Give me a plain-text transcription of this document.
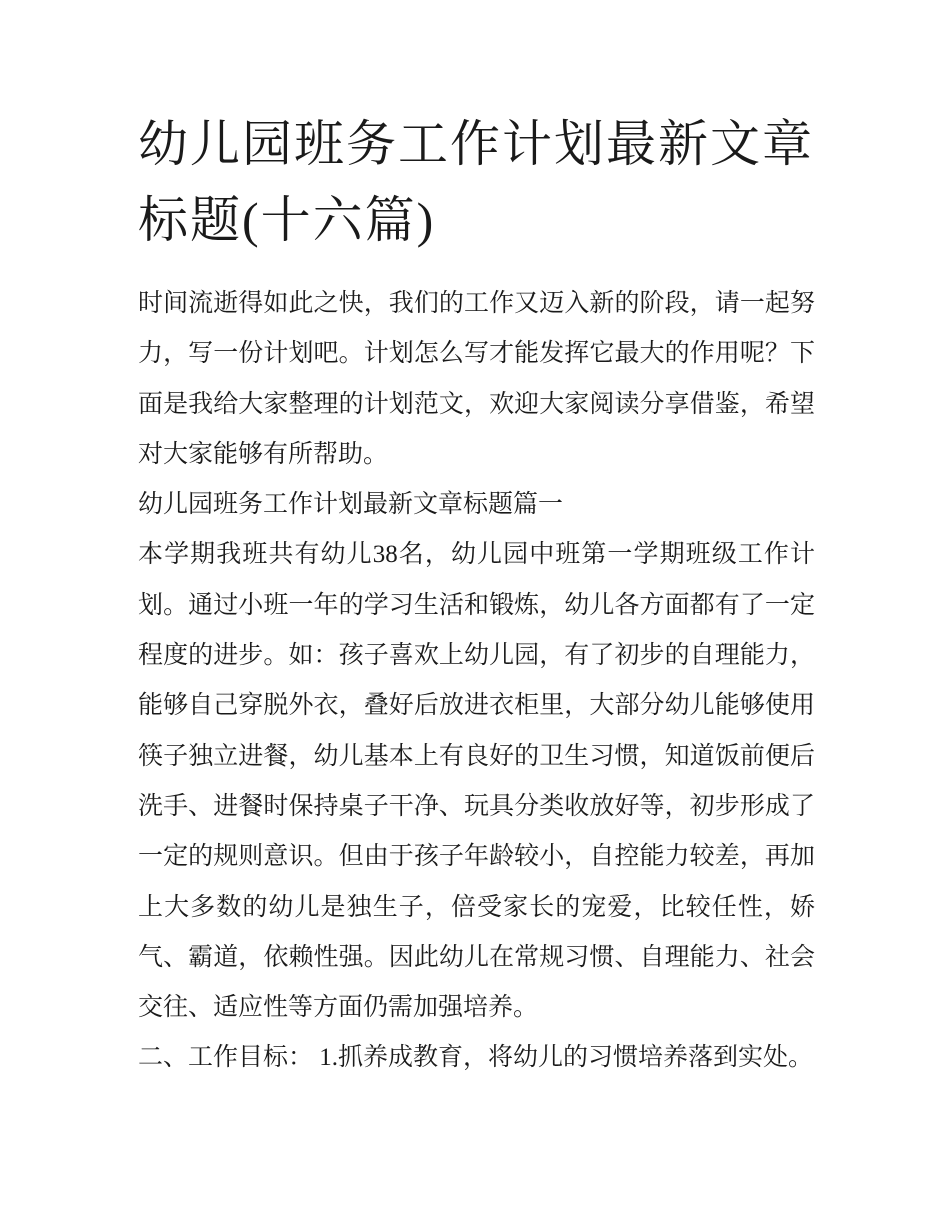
幼儿园班务工作计划最新文章标题(十六篇)

时间流逝得如此之快，我们的工作又迈入新的阶段，请一起努力，写一份计划吧。计划怎么写才能发挥它最大的作用呢？下面是我给大家整理的计划范文，欢迎大家阅读分享借鉴，希望对大家能够有所帮助。

幼儿园班务工作计划最新文章标题篇一

本学期我班共有幼儿38名，幼儿园中班第一学期班级工作计划。通过小班一年的学习生活和锻炼，幼儿各方面都有了一定程度的进步。如：孩子喜欢上幼儿园，有了初步的自理能力，能够自己穿脱外衣，叠好后放进衣柜里，大部分幼儿能够使用筷子独立进餐，幼儿基本上有良好的卫生习惯，知道饭前便后洗手、进餐时保持桌子干净、玩具分类收放好等，初步形成了一定的规则意识。但由于孩子年龄较小，自控能力较差，再加上大多数的幼儿是独生子，倍受家长的宠爱，比较任性，娇气、霸道，依赖性强。因此幼儿在常规习惯、自理能力、社会交往、适应性等方面仍需加强培养。

二、工作目标： 1.抓养成教育，将幼儿的习惯培养落到实处。
